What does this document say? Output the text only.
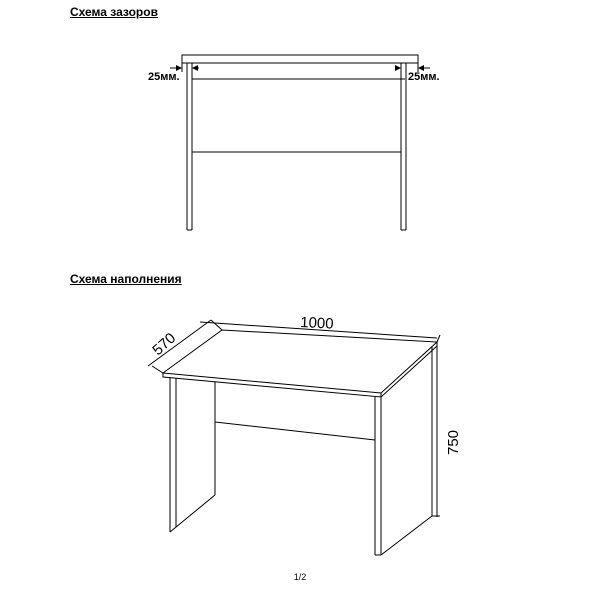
Схема зазоров
Схема наполнения
25мм.	25мм.
1000
570
750
1/2
